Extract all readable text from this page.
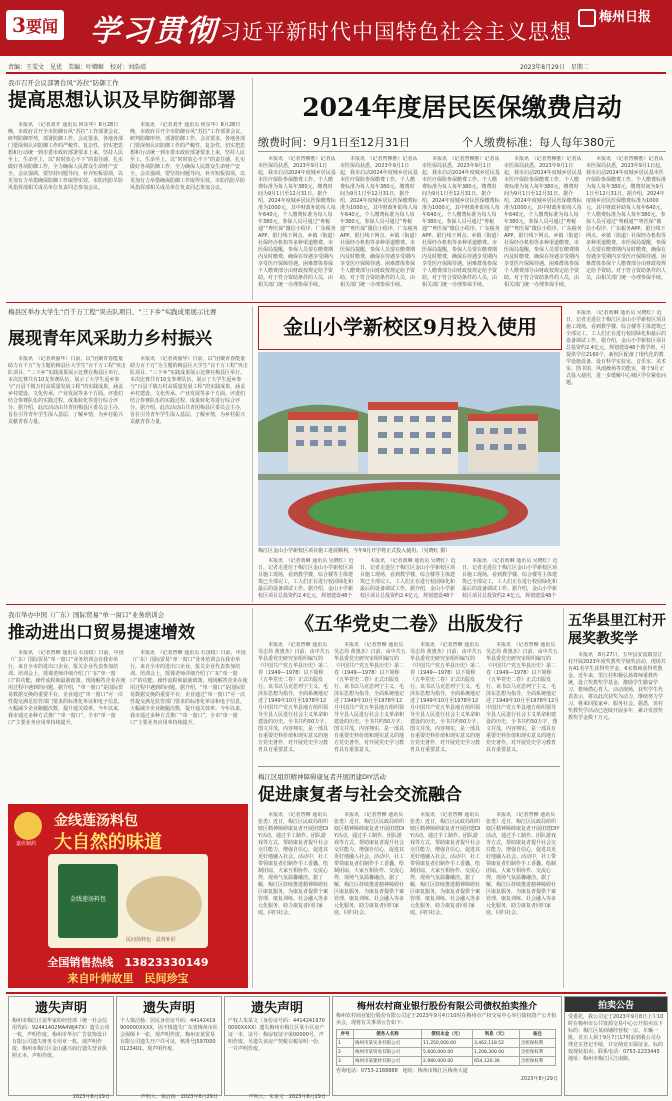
3要闻 学习贯彻 习近平新时代中国特色社会主义思想
梅州日报
责编：王雯文　见优　美编：叶卿姬　校对：刘浩靖	2023年8月29日　星期二
我市召开会议部署台风“苏拉”防御工作
提高思想认识及早防御部署

本报讯　（记者刘开 通讯员 何东华）8月28日晚，市政府召开全市防御台风“苏拉”工作部署会议，研判防御形势，部署防御工作。会议要求，各地各部门要深刻认识防御工作的严峻性、复杂性，切实把思想和行动统一到市委市政府部署要求上来，坚持人民至上、生命至上，以“时时放心不下”的责任感，扎实做好各项防御工作，全力确保人民群众生命财产安全。会议强调，要坚持问题导向，补齐短板弱项，以更加有力举措确保防御工作取得实效。市防汛防旱防风指挥部相关成员单位负责同志参加会议。

本报讯　（记者刘开 通讯员 何东华）8月28日晚，市政府召开全市防御台风“苏拉”工作部署会议，研判防御形势，部署防御工作。会议要求，各地各部门要深刻认识防御工作的严峻性、复杂性，切实把思想和行动统一到市委市政府部署要求上来，坚持人民至上、生命至上，以“时时放心不下”的责任感，扎实做好各项防御工作，全力确保人民群众生命财产安全。会议强调，要坚持问题导向，补齐短板弱项，以更加有力举措确保防御工作取得实效。市防汛防旱防风指挥部相关成员单位负责同志参加会议。

2024年度居民医保缴费启动
缴费时间：9月1日至12月31日	个人缴费标准：每人每年380元

本报讯　（记者曾柳胜）记者从市医保局获悉，2023年9月1日起，我市启动2024年度城乡居民基本医疗保险参保缴费工作。个人缴费标准为每人每年380元，缴费时间为9月1日至12月31日。据介绍，2024年度城乡居民医保缴费标准为1000元，其中财政补助每人每年640元，个人缴费标准为每人每年380元。参保人员可通过“粤税通”“粤医保”微信小程序、广东税务APP、银行线下网点、乡镇（街道）社保经办机构等多种渠道缴费。市医保局提醒，参保人员要在缴费期内及时缴费，确保在待遇享受期内享受医疗保障待遇。困难群体参保个人缴费部分由财政按规定给予资助。对于符合资助条件的人员，由相关部门统一办理参保手续。

本报讯　（记者曾柳胜）记者从市医保局获悉，2023年9月1日起，我市启动2024年度城乡居民基本医疗保险参保缴费工作。个人缴费标准为每人每年380元，缴费时间为9月1日至12月31日。据介绍，2024年度城乡居民医保缴费标准为1000元，其中财政补助每人每年640元，个人缴费标准为每人每年380元。参保人员可通过“粤税通”“粤医保”微信小程序、广东税务APP、银行线下网点、乡镇（街道）社保经办机构等多种渠道缴费。市医保局提醒，参保人员要在缴费期内及时缴费，确保在待遇享受期内享受医疗保障待遇。困难群体参保个人缴费部分由财政按规定给予资助。对于符合资助条件的人员，由相关部门统一办理参保手续。

本报讯　（记者曾柳胜）记者从市医保局获悉，2023年9月1日起，我市启动2024年度城乡居民基本医疗保险参保缴费工作。个人缴费标准为每人每年380元，缴费时间为9月1日至12月31日。据介绍，2024年度城乡居民医保缴费标准为1000元，其中财政补助每人每年640元，个人缴费标准为每人每年380元。参保人员可通过“粤税通”“粤医保”微信小程序、广东税务APP、银行线下网点、乡镇（街道）社保经办机构等多种渠道缴费。市医保局提醒，参保人员要在缴费期内及时缴费，确保在待遇享受期内享受医疗保障待遇。困难群体参保个人缴费部分由财政按规定给予资助。对于符合资助条件的人员，由相关部门统一办理参保手续。

本报讯　（记者曾柳胜）记者从市医保局获悉，2023年9月1日起，我市启动2024年度城乡居民基本医疗保险参保缴费工作。个人缴费标准为每人每年380元，缴费时间为9月1日至12月31日。据介绍，2024年度城乡居民医保缴费标准为1000元，其中财政补助每人每年640元，个人缴费标准为每人每年380元。参保人员可通过“粤税通”“粤医保”微信小程序、广东税务APP、银行线下网点、乡镇（街道）社保经办机构等多种渠道缴费。市医保局提醒，参保人员要在缴费期内及时缴费，确保在待遇享受期内享受医疗保障待遇。困难群体参保个人缴费部分由财政按规定给予资助。对于符合资助条件的人员，由相关部门统一办理参保手续。

本报讯　（记者曾柳胜）记者从市医保局获悉，2023年9月1日起，我市启动2024年度城乡居民基本医疗保险参保缴费工作。个人缴费标准为每人每年380元，缴费时间为9月1日至12月31日。据介绍，2024年度城乡居民医保缴费标准为1000元，其中财政补助每人每年640元，个人缴费标准为每人每年380元。参保人员可通过“粤税通”“粤医保”微信小程序、广东税务APP、银行线下网点、乡镇（街道）社保经办机构等多种渠道缴费。市医保局提醒，参保人员要在缴费期内及时缴费，确保在待遇享受期内享受医疗保障待遇。困难群体参保个人缴费部分由财政按规定给予资助。对于符合资助条件的人员，由相关部门统一办理参保手续。

梅县区举办大学生“百千万工程”突击队项目、“三下乡”实践成果展示比赛
展现青年风采助力乡村振兴

本报讯　（记者黄丽华）日前，以“团聚青春能量 助力百千万”为主题的梅县区大学生“百千万工程”突击队项目、“三下乡”实践成果展示比赛在梅县区举行。本次比赛共有10支参赛队伍，展示了大学生返乡参与“百县千镇万村高质量发展工程”的实践成果，涵盖乡村建设、文化传承、产业发展等多个方面。评委们结合参赛队伍的实践过程、成果转化等进行综合评分。据介绍，此次活动由共青团梅县区委员会主办，旨在引导青年学生深入基层、了解乡情，为乡村振兴贡献青春力量。

本报讯　（记者黄丽华）日前，以“团聚青春能量 助力百千万”为主题的梅县区大学生“百千万工程”突击队项目、“三下乡”实践成果展示比赛在梅县区举行。本次比赛共有10支参赛队伍，展示了大学生返乡参与“百县千镇万村高质量发展工程”的实践成果，涵盖乡村建设、文化传承、产业发展等多个方面。评委们结合参赛队伍的实践过程、成果转化等进行综合评分。据介绍，此次活动由共青团梅县区委员会主办，旨在引导青年学生深入基层、了解乡情，为乡村振兴贡献青春力量。

金山小学新校区9月投入使用
梅江区金山小学新校区项目施工进展顺利，今年9月开学将正式投入使用。（吴晓红 摄）

本报讯　（记者黄琳 通讯员 吴晓红）近日，记者走进位于梅江区金山小学新校区项目施工现场，看到教学楼、综合楼等主体建筑已全部完工，工人们正在进行校园绿化和最后的设备调试工作。据介绍，金山小学新校区项目总投资约2.4亿元，规划建设48个

本报讯　（记者黄琳 通讯员 吴晓红）近日，记者走进位于梅江区金山小学新校区项目施工现场，看到教学楼、综合楼等主体建筑已全部完工，工人们正在进行校园绿化和最后的设备调试工作。据介绍，金山小学新校区项目总投资约2.4亿元，规划建设48个

本报讯　（记者黄琳 通讯员 吴晓红）近日，记者走进位于梅江区金山小学新校区项目施工现场，看到教学楼、综合楼等主体建筑已全部完工，工人们正在进行校园绿化和最后的设备调试工作。据介绍，金山小学新校区项目总投资约2.4亿元，规划建设48个

本报讯　（记者黄琳 通讯员 吴晓红）近日，记者走进位于梅江区金山小学新校区项目施工现场，看到教学楼、综合楼等主体建筑已全部完工，工人们正在进行校园绿化和最后的设备调试工作。据介绍，金山小学新校区项目总投资约2.4亿元，规划建设48个教学班，可提供学位2160个。新校区配备了现代化的教学设施设备，设有科学实验室、音乐室、美术室、图书馆、风雨操场等功能室，将于9月正式投入使用，进一步缓解中心城区学位紧张问题。

我市举办中国（广东）国际贸易“单一窗口”业务培训会
推动进出口贸易提速增效

本报讯　（记者曾柳 通讯员 石国权）日前，中国（广东）国际贸易“单一窗口”业务培训会在我市举行，来自全市的进出口企业、报关企业代表参加培训。培训会上，授课老师详细介绍了广东“单一窗口”的功能、操作流程和最新政策，现场解答企业在使用过程中遇到的问题。据介绍，“单一窗口”是国际贸易数据交换的重要平台，企业通过“单一窗口”可一次性提交满足监管部门要求的标准化单证和电子信息，大幅减少企业跑腿次数，提升通关效率。今年以来，我市通过多种方式推广“单一窗口”，全市“单一窗口”主要业务应用率持续提升。

本报讯　（记者曾柳 通讯员 石国权）日前，中国（广东）国际贸易“单一窗口”业务培训会在我市举行，来自全市的进出口企业、报关企业代表参加培训。培训会上，授课老师详细介绍了广东“单一窗口”的功能、操作流程和最新政策，现场解答企业在使用过程中遇到的问题。据介绍，“单一窗口”是国际贸易数据交换的重要平台，企业通过“单一窗口”可一次性提交满足监管部门要求的标准化单证和电子信息，大幅减少企业跑腿次数，提升通关效率。今年以来，我市通过多种方式推广“单一窗口”，全市“单一窗口”主要业务应用率持续提升。

嘉应制药
金线莲汤料包
大自然的味道
金线莲汤料包
民间汤料包 · 益肾补肝
全国销售热线　13823330149
来自叶帅故里　民间珍宝
《五华党史二卷》出版发行

本报讯　（记者曾柳 通讯员 吴志伟 黄惠杰）日前，由中共五华县委党史研究室组织编写的《中国共产党五华县历史》第二卷（1949—1978）以下简称《五华党史二卷》正式出版发行。该书以马克思列宁主义、毛泽东思想为指导，全面系统地记述了1949年10月至1978年12月中国共产党五华县地方组织领导全县人民进行社会主义革命和建设的历史。全书共约50万字，图文并茂，内容翔实，是一部具有重要史料价值和现实意义的地方党史著作，对开展党史学习教育具有重要意义。

本报讯　（记者曾柳 通讯员 吴志伟 黄惠杰）日前，由中共五华县委党史研究室组织编写的《中国共产党五华县历史》第二卷（1949—1978）以下简称《五华党史二卷》正式出版发行。该书以马克思列宁主义、毛泽东思想为指导，全面系统地记述了1949年10月至1978年12月中国共产党五华县地方组织领导全县人民进行社会主义革命和建设的历史。全书共约50万字，图文并茂，内容翔实，是一部具有重要史料价值和现实意义的地方党史著作，对开展党史学习教育具有重要意义。

本报讯　（记者曾柳 通讯员 吴志伟 黄惠杰）日前，由中共五华县委党史研究室组织编写的《中国共产党五华县历史》第二卷（1949—1978）以下简称《五华党史二卷》正式出版发行。该书以马克思列宁主义、毛泽东思想为指导，全面系统地记述了1949年10月至1978年12月中国共产党五华县地方组织领导全县人民进行社会主义革命和建设的历史。全书共约50万字，图文并茂，内容翔实，是一部具有重要史料价值和现实意义的地方党史著作，对开展党史学习教育具有重要意义。

本报讯　（记者曾柳 通讯员 吴志伟 黄惠杰）日前，由中共五华县委党史研究室组织编写的《中国共产党五华县历史》第二卷（1949—1978）以下简称《五华党史二卷》正式出版发行。该书以马克思列宁主义、毛泽东思想为指导，全面系统地记述了1949年10月至1978年12月中国共产党五华县地方组织领导全县人民进行社会主义革命和建设的历史。全书共约50万字，图文并茂，内容翔实，是一部具有重要史料价值和现实意义的地方党史著作，对开展党史学习教育具有重要意义。

五华县里江村开展奖教奖学

本报讯　8月27日，五华县安流镇里江村开展2023年度奖教奖学颁奖活动，现场共有41名学生获得奖学金，6名教师获得奖教金。近年来，里江村积极弘扬尊师重教传统，设立奖教奖学基金，激励学生勤奋学习、教师潜心育人。活动现场，获奖学生代表表示，将以此次获奖为动力，继续努力学习，将来回报家乡、服务社会。据悉，该村奖教奖学活动已连续开展多年，累计发放奖教奖学金数十万元。

梅江区组织精神障碍康复者开展团建DIY活动
促进康复者与社会交流融合

本报讯　（记者曾柳 通讯员 张勇）近日，梅江区民政局组织辖区精神障碍康复者开展团建DIY活动，通过手工制作、团队游戏等方式，帮助康复者提升社会交往能力，增强自信心，促进其更好地融入社会。活动中，社工带领康复者们制作手工香囊、绘制团扇，大家互相协作、交流心得，现场气氛温馨融洽。据了解，梅江区持续推进精神障碍社区康复服务，为康复者提供个案管理、康复训练、社会融入等多元化服务，助力康复者回归家庭、回归社会。

本报讯　（记者曾柳 通讯员 张勇）近日，梅江区民政局组织辖区精神障碍康复者开展团建DIY活动，通过手工制作、团队游戏等方式，帮助康复者提升社会交往能力，增强自信心，促进其更好地融入社会。活动中，社工带领康复者们制作手工香囊、绘制团扇，大家互相协作、交流心得，现场气氛温馨融洽。据了解，梅江区持续推进精神障碍社区康复服务，为康复者提供个案管理、康复训练、社会融入等多元化服务，助力康复者回归家庭、回归社会。

本报讯　（记者曾柳 通讯员 张勇）近日，梅江区民政局组织辖区精神障碍康复者开展团建DIY活动，通过手工制作、团队游戏等方式，帮助康复者提升社会交往能力，增强自信心，促进其更好地融入社会。活动中，社工带领康复者们制作手工香囊、绘制团扇，大家互相协作、交流心得，现场气氛温馨融洽。据了解，梅江区持续推进精神障碍社区康复服务，为康复者提供个案管理、康复训练、社会融入等多元化服务，助力康复者回归家庭、回归社会。

本报讯　（记者曾柳 通讯员 张勇）近日，梅江区民政局组织辖区精神障碍康复者开展团建DIY活动，通过手工制作、团队游戏等方式，帮助康复者提升社会交往能力，增强自信心，促进其更好地融入社会。活动中，社工带领康复者们制作手工香囊、绘制团扇，大家互相协作、交流心得，现场气氛温馨融洽。据了解，梅江区持续推进精神障碍社区康复服务，为康复者提供个案管理、康复训练、社会融入等多元化服务，助力康复者回归家庭、回归社会。

遗失声明
梅州市梅江区富华家纺经营部（统一社会信用代码：92441402MA4WJ47X）遗失公章一枚，声明作废。梅州市华尔广告装饰设计有限公司遗失财务专用章一枚，现声明作废。梅州市梅江区金山盛兴商行遗失营业执照正本，声明作废。
2023年8月29日
遗失声明
个人梁洁杨：居民身份证号码：44142419900000XXXX，因不慎遗失广东省梅州市社会保障卡一张，现声明作废。梅州市某贸易有限公司遗失开户许可证，核准号J5970000123401，现声明作废。
声明人：梁洁杨　2023年8月29日
遗失声明
产权人朱某文（身份证号码：44142419700000XXXX）遗失梅州市梅江区某小区房产证一本，证号：梅房权证字第00000号，声明作废。另遗失该房产契税完税证明一份，一并声明作废。
声明人：朱某文　2023年8月29日
梅州农村商业银行股份有限公司债权拍卖推介
梅州农村商业银行股份有限公司定于2023年9月4日10时在梅州市产权交易中心举行债权资产公开拍卖会，现将有关事项公告如下：
序号	债务人名称	债权本金（元）	利息（元）	备注
1	梅州市某实业有限公司	11,250,000.00	3,462,118.52	含担保权利
2	梅州市某贸易有限公司	5,600,000.00	1,208,300.00	含担保权利
3	梅州市某建材有限公司	2,980,000.00	654,120.36	含担保权利
咨询电话：0753-2188888　地址：梅州市梅江区梅州大道
2023年8月29日
拍卖公告
受委托，我公司定于2023年9月8日上午10时在梅州市公共资源交易中心公开拍卖以下标的：梅江区某商铺经营权一宗、车辆一批。竞买人须于9月7日17时前到我公司办理竞买登记手续，并交纳竞买保证金。标的按现状拍卖。联系电话：0753-2233445　地址：梅州市梅江区江南路。
